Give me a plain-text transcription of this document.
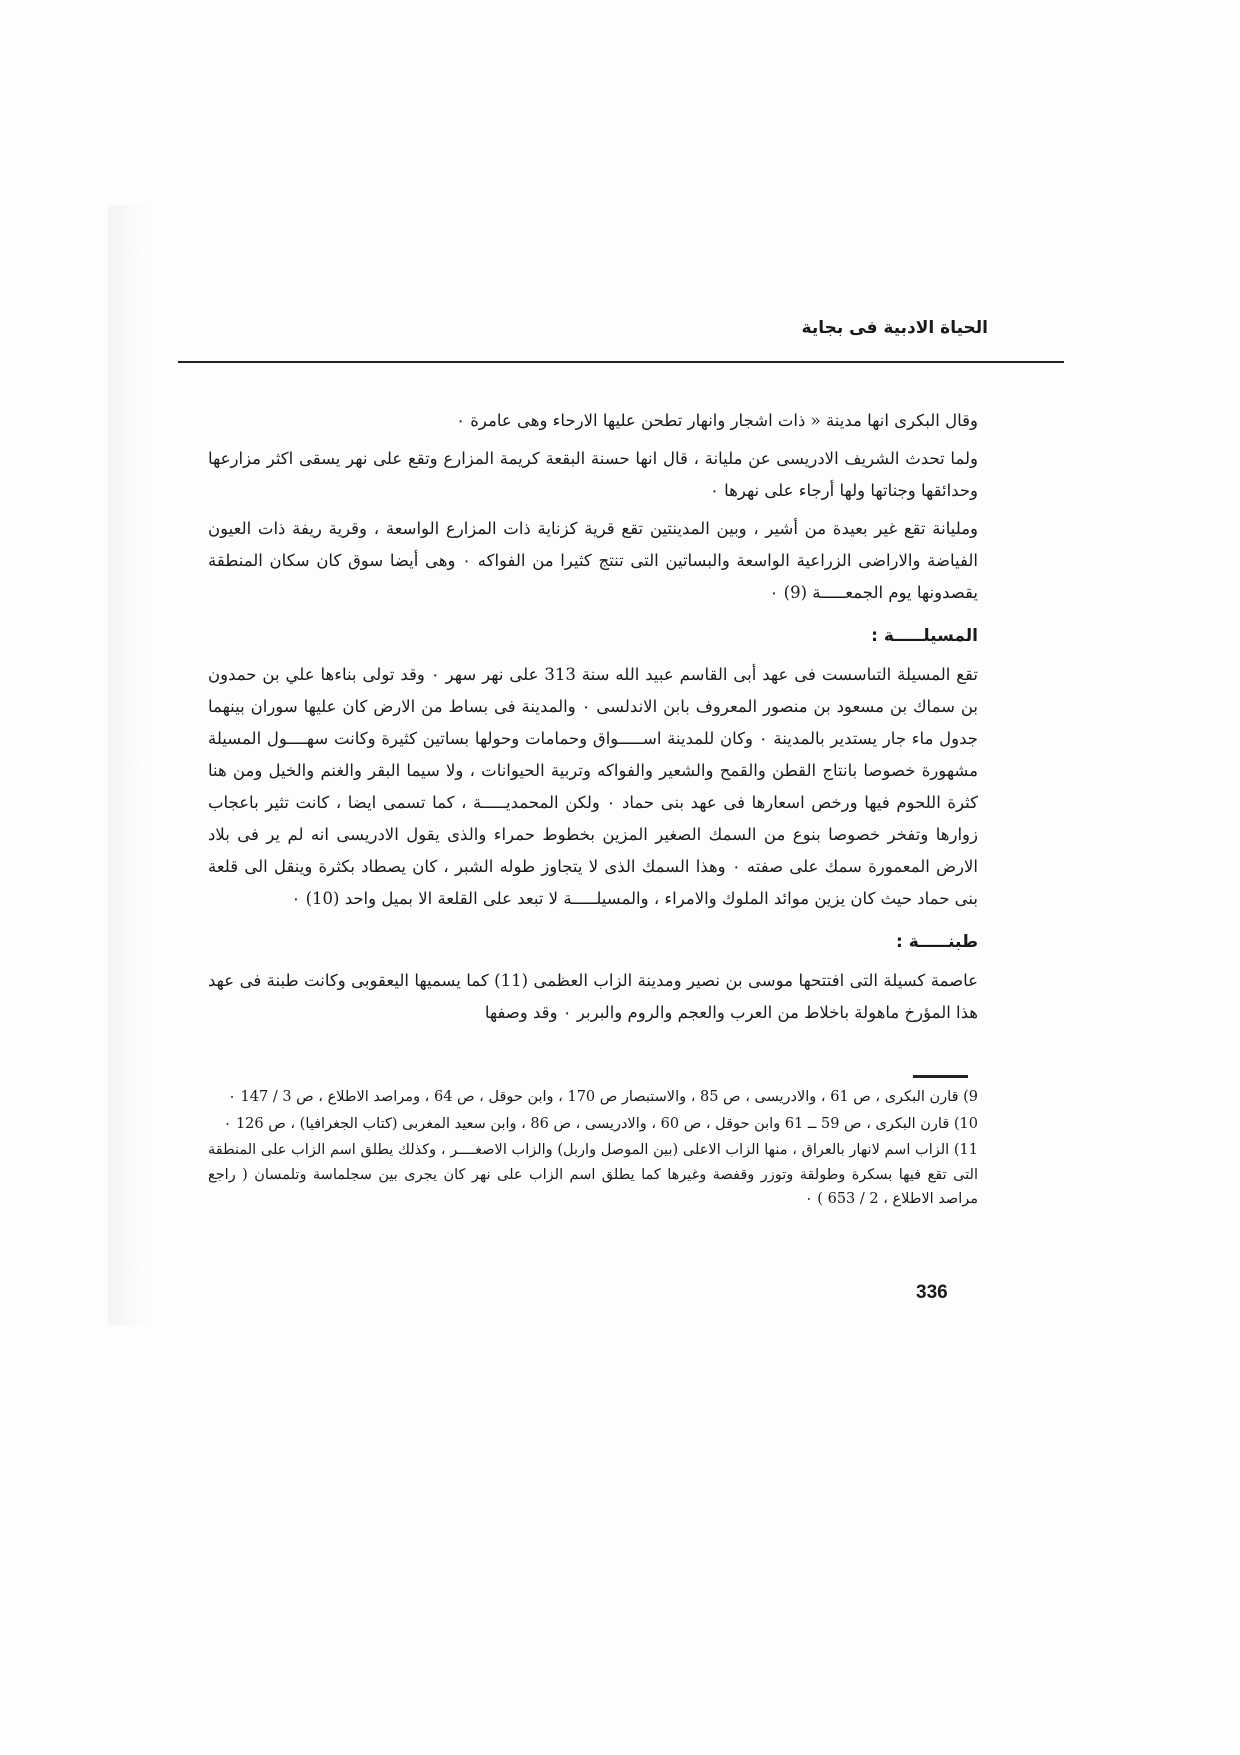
الحياة الادبية فى بجاية

وقال البكرى انها مدينة « ذات اشجار وانهار تطحن عليها الارحاء وهى عامرة ٠

ولما تحدث الشريف الادريسى عن مليانة ، قال انها حسنة البقعة كريمة المزارع وتقع على نهر يسقى اكثر مزارعها وحدائقها وجناتها ولها أرجاء على نهرها ٠

ومليانة تقع غير بعيدة من أشير ، وبين المدينتين تقع قرية كزناية ذات المزارع الواسعة ، وقرية ريفة ذات العيون الفياضة والاراضى الزراعية الواسعة والبساتين التى تنتج كثيرا من الفواكه ٠ وهى أيضا سوق كان سكان المنطقة يقصدونها يوم الجمعـــــة (9) ٠

المسيلـــــة :

تقع المسيلة التىاسست فى عهد أبى القاسم عبيد الله سنة 313 على نهر سهر ٠ وقد تولى بناءها علي بن حمدون بن سماك بن مسعود بن منصور المعروف بابن الاندلسى ٠ والمدينة فى بساط من الارض كان عليها سوران بينهما جدول ماء جار يستدير بالمدينة ٠ وكان للمدينة اســـــواق وحمامات وحولها بساتين كثيرة وكانت سهــــول المسيلة مشهورة خصوصا بانتاج القطن والقمح والشعير والفواكه وتربية الحيوانات ، ولا سيما البقر والغنم والخيل ومن هنا كثرة اللحوم فيها ورخص اسعارها فى عهد بنى حماد ٠ ولكن المحمديـــــة ، كما تسمى ايضا ، كانت تثير باعجاب زوارها وتفخر خصوصا بنوع من السمك الصغير المزين بخطوط حمراء والذى يقول الادريسى انه لم ير فى بلاد الارض المعمورة سمك على صفته ٠ وهذا السمك الذى لا يتجاوز طوله الشبر ، كان يصطاد بكثرة وينقل الى قلعة بنى حماد حيث كان يزين موائد الملوك والامراء ، والمسيلـــــة لا تبعد على القلعة الا بميل واحد (10) ٠

طبنـــــة :

عاصمة كسيلة التى افتتحها موسى بن نصير ومدينة الزاب العظمى (11) كما يسميها اليعقوبى وكانت طبنة فى عهد هذا المؤرخ ماهولة باخلاط من العرب والعجم والروم والبربر ٠ وقد وصفها

9) قارن البكرى ، ص 61 ، والادريسى ، ص 85 ، والاستبصار ص 170 ، وابن حوقل ، ص 64 ، ومراصد الاطلاع ، ص 3 / 147 ٠

10) قارن البكرى ، ص 59 ــ 61 وابن حوقل ، ص 60 ، والادريسى ، ص 86 ، وابن سعيد المغربى (كتاب الجغرافيا) ، ص 126 ٠

11) الزاب اسم لانهار بالعراق ، منها الزاب الاعلى (بين الموصل واربل) والزاب الاصغــــر ، وكذلك يطلق اسم الزاب على المنطقة التى تقع فيها بسكرة وطولقة وتوزر وقفصة وغيرها كما يطلق اسم الزاب على نهر كان يجرى بين سجلماسة وتلمسان ( راجع مراصد الاطلاع ، 2 / 653 ) ٠

336
